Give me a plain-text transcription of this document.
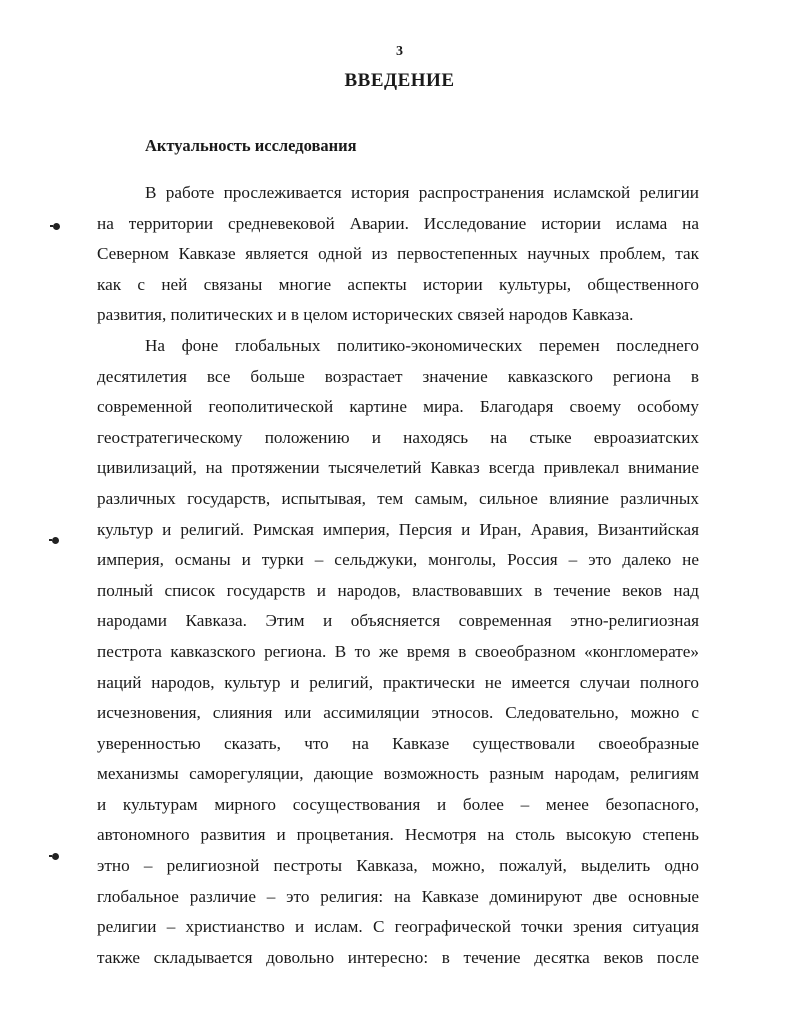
3
ВВЕДЕНИЕ
Актуальность исследования
В работе прослеживается история распространения исламской религии
на территории средневековой Аварии. Исследование истории ислама на
Северном Кавказе является одной из первостепенных научных проблем, так
как с ней связаны многие аспекты истории культуры, общественного
развития, политических и в целом исторических связей народов Кавказа.
На фоне глобальных политико-экономических перемен последнего
десятилетия все больше возрастает значение кавказского региона в
современной геополитической картине мира. Благодаря своему особому
геостратегическому положению и находясь на стыке евроазиатских
цивилизаций, на протяжении тысячелетий Кавказ всегда привлекал внимание
различных государств, испытывая, тем самым, сильное влияние различных
культур и религий. Римская империя, Персия и Иран, Аравия, Византийская
империя, османы и турки – сельджуки, монголы, Россия – это далеко не
полный список государств и народов, властвовавших в течение веков над
народами Кавказа. Этим и объясняется современная этно-религиозная
пестрота кавказского региона. В то же время в своеобразном «конгломерате»
наций народов, культур и религий, практически не имеется случаи полного
исчезновения, слияния или ассимиляции этносов. Следовательно, можно с
уверенностью сказать, что на Кавказе существовали своеобразные
механизмы саморегуляции, дающие возможность разным народам, религиям
и культурам мирного сосуществования и более – менее безопасного,
автономного развития и процветания. Несмотря на столь высокую степень
этно – религиозной пестроты Кавказа, можно, пожалуй, выделить одно
глобальное различие – это религия: на Кавказе доминируют две основные
религии – христианство и ислам. С географической точки зрения ситуация
также складывается довольно интересно: в течение десятка веков после
